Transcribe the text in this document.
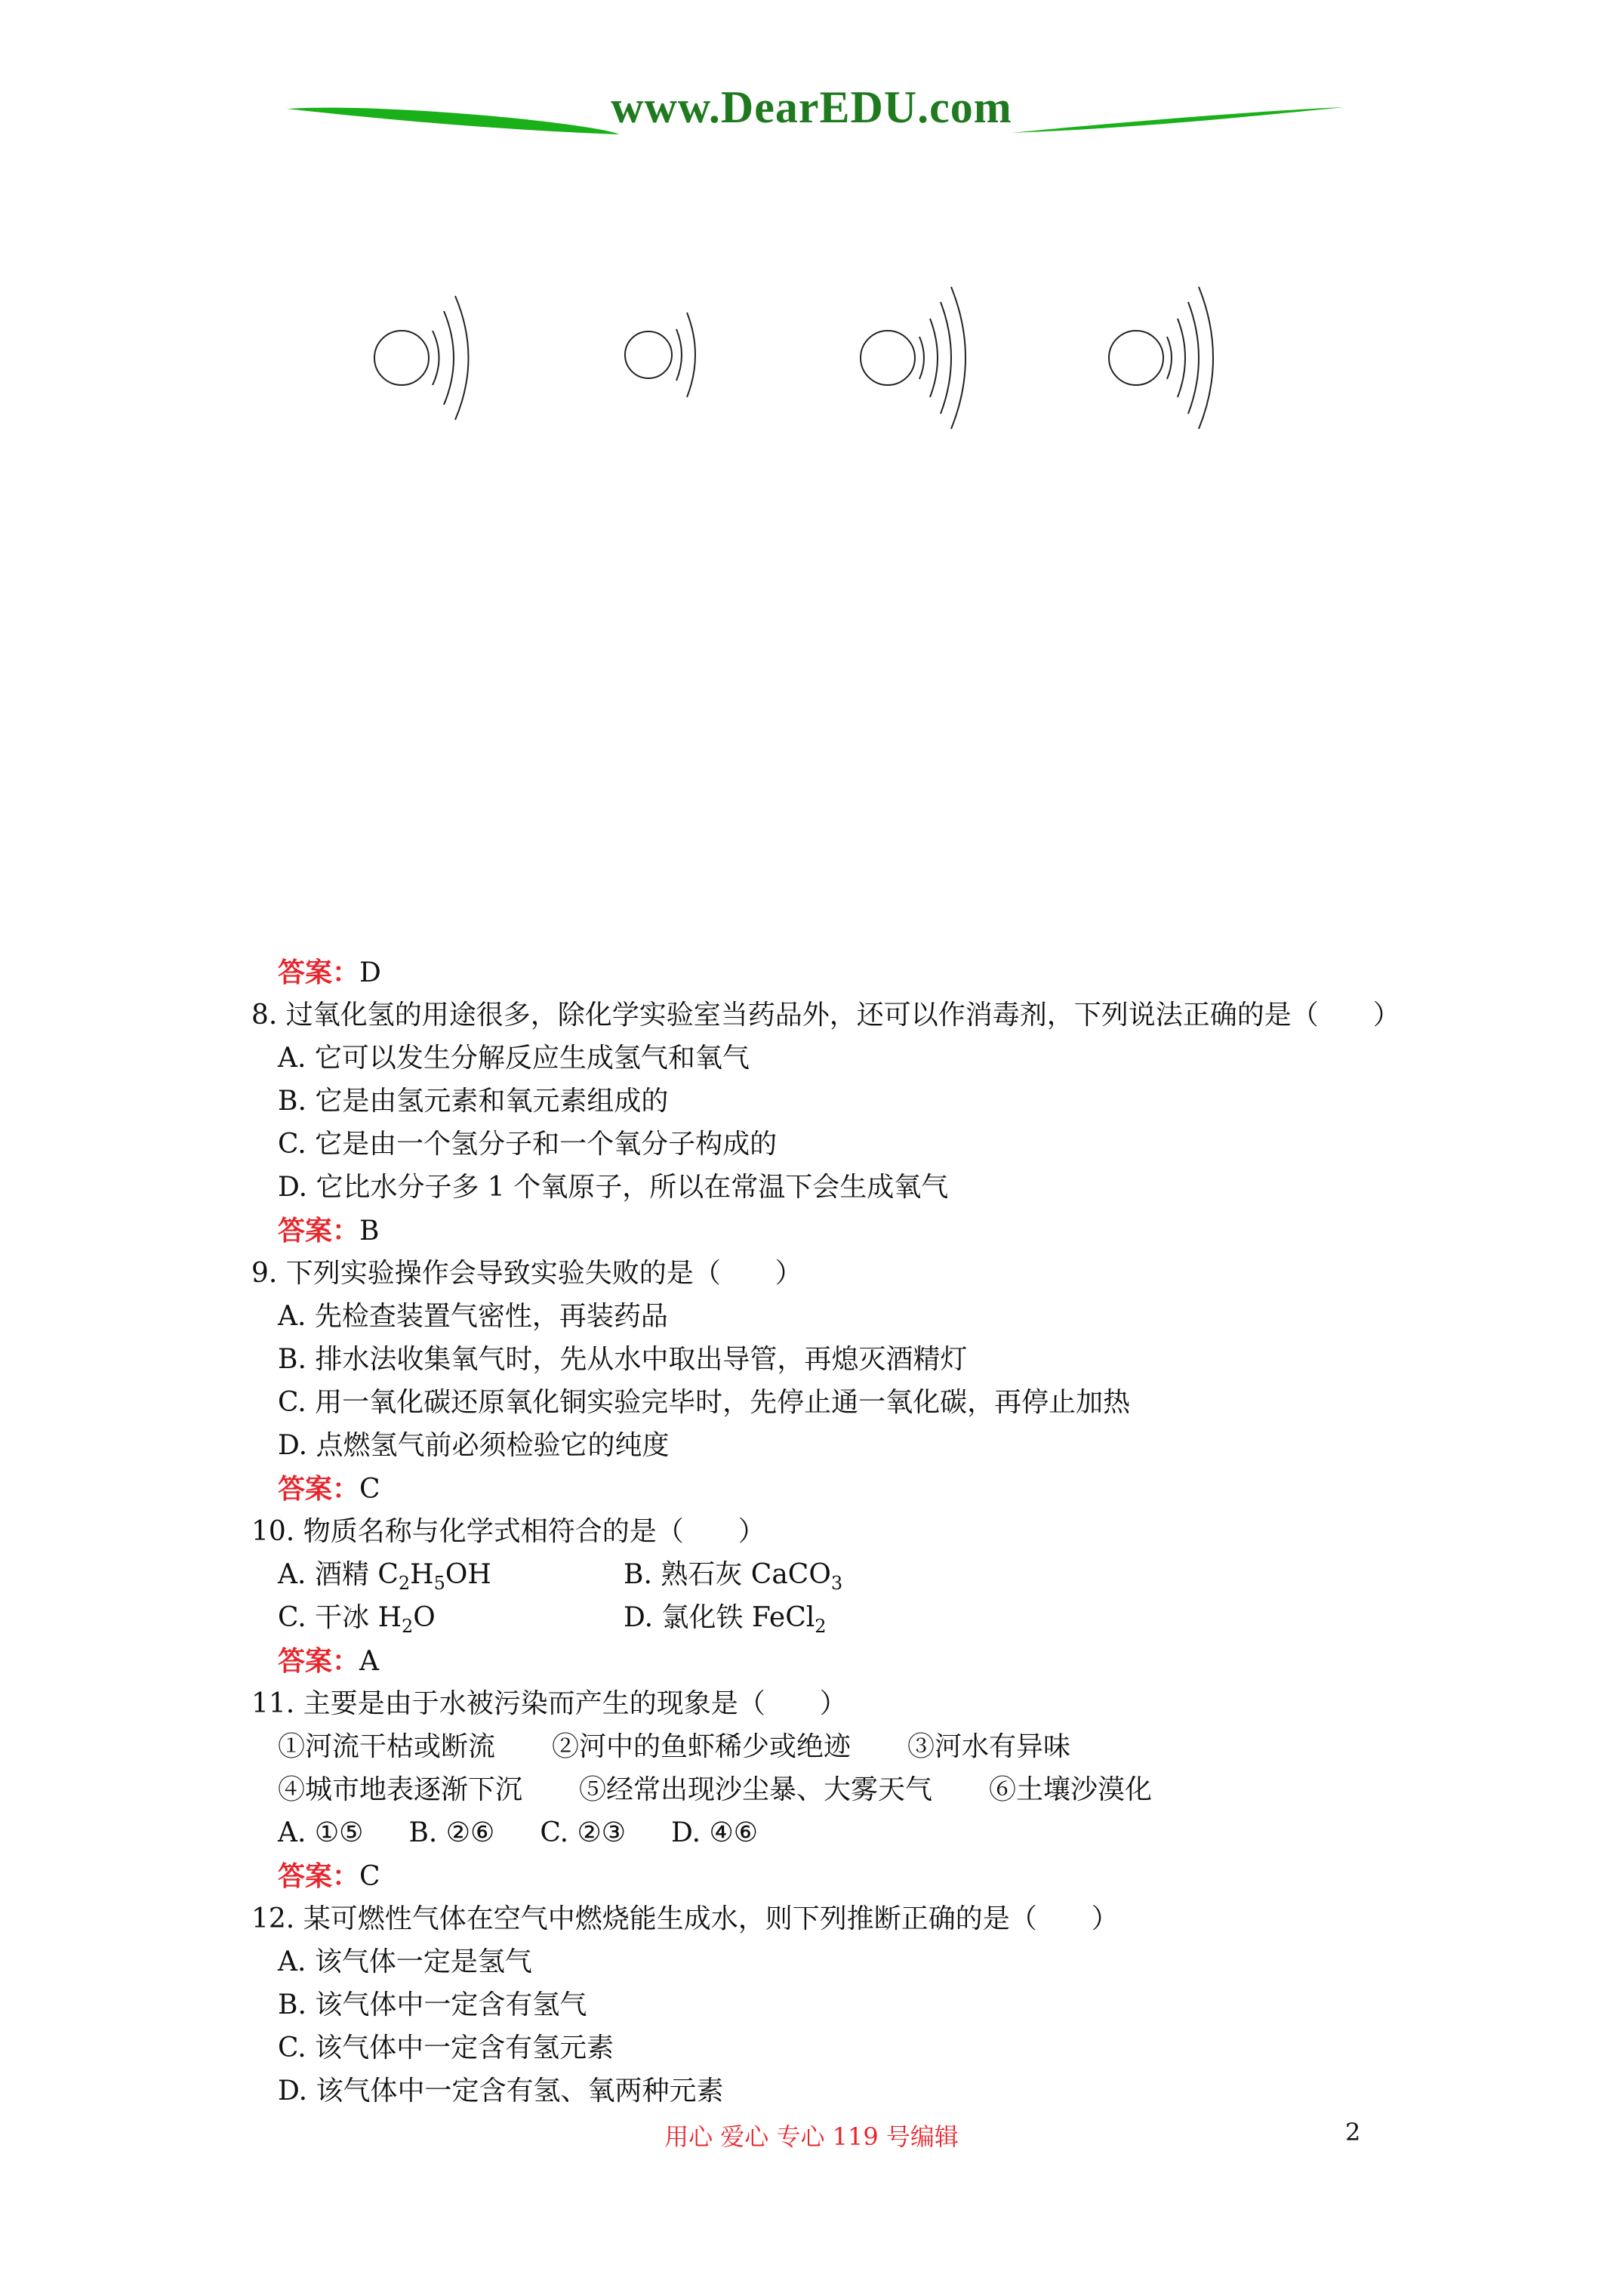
www.DearEDU.com
答案：D
8. 过氧化氢的用途很多，除化学实验室当药品外，还可以作消毒剂，下列说法正确的是（　　）
A. 它可以发生分解反应生成氢气和氧气
B. 它是由氢元素和氧元素组成的
C. 它是由一个氢分子和一个氧分子构成的
D. 它比水分子多 1 个氧原子，所以在常温下会生成氧气
答案：B
9. 下列实验操作会导致实验失败的是（　　）
A. 先检查装置气密性，再装药品
B. 排水法收集氧气时，先从水中取出导管，再熄灭酒精灯
C. 用一氧化碳还原氧化铜实验完毕时，先停止通一氧化碳，再停止加热
D. 点燃氢气前必须检验它的纯度
答案：C
10. 物质名称与化学式相符合的是（　　）
A. 酒精 $C_2H_5OH$	B. 熟石灰 CaCO$_3$
C. 干冰 $H_2O$	D. 氯化铁 FeCl$_2$
答案：A
11. 主要是由于水被污染而产生的现象是（　　）
①河流干枯或断流 ②河中的鱼虾稀少或绝迹 ③河水有异味
④城市地表逐渐下沉 ⑤经常出现沙尘暴、大雾天气 ⑥土壤沙漠化
A. ①⑤ B. ②⑥ C. ②③ D. ④⑥
答案：C
12. 某可燃性气体在空气中燃烧能生成水，则下列推断正确的是（　　）
A. 该气体一定是氢气
B. 该气体中一定含有氢气
C. 该气体中一定含有氢元素
D. 该气体中一定含有氢、氧两种元素
用心 爱心 专心 119 号编辑	2
